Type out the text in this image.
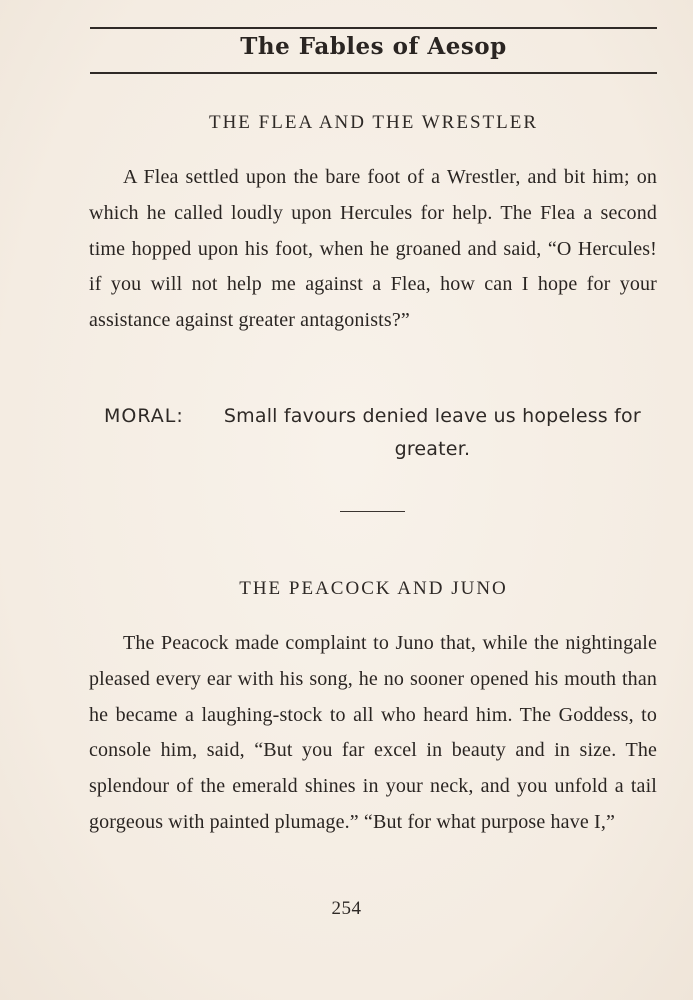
The Fables of Aesop
THE FLEA AND THE WRESTLER
A Flea settled upon the bare foot of a Wrestler, and bit him; on which he called loudly upon Hercules for help. The Flea a second time hopped upon his foot, when he groaned and said, “O Hercules! if you will not help me against a Flea, how can I hope for your assistance against greater antagonists?”
MORAL:	Small favours denied leave us hopeless for greater.
THE PEACOCK AND JUNO
The Peacock made complaint to Juno that, while the nightingale pleased every ear with his song, he no sooner opened his mouth than he became a laughing-stock to all who heard him. The Goddess, to console him, said, “But you far excel in beauty and in size. The splendour of the emerald shines in your neck, and you unfold a tail gorgeous with painted plumage.” “But for what purpose have I,”
254
